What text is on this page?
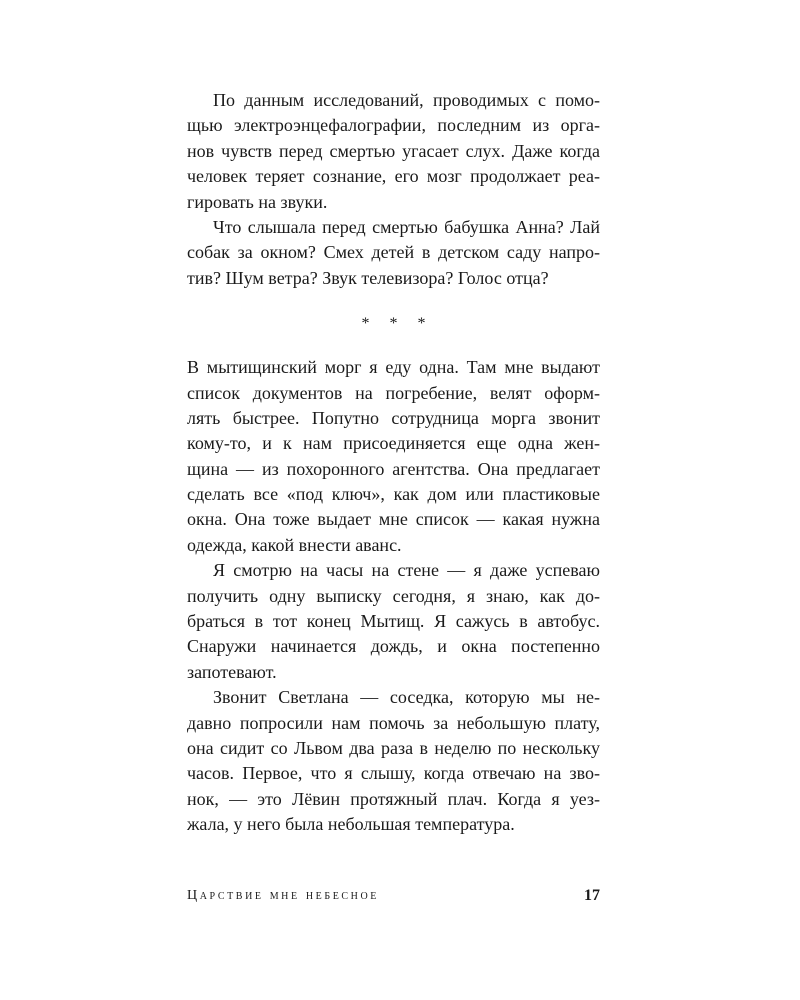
По данным исследований, проводимых с помо-
щью электроэнцефалографии, последним из орга-
нов чувств перед смертью угасает слух. Даже когда
человек теряет сознание, его мозг продолжает реа-
гировать на звуки.
Что слышала перед смертью бабушка Анна? Лай
собак за окном? Смех детей в детском саду напро-
тив? Шум ветра? Звук телевизора? Голос отца?
* * *
В мытищинский морг я еду одна. Там мне выдают
список документов на погребение, велят оформ-
лять быстрее. Попутно сотрудница морга звонит
кому-то, и к нам присоединяется еще одна жен-
щина — из похоронного агентства. Она предлагает
сделать все «под ключ», как дом или пластиковые
окна. Она тоже выдает мне список — какая нужна
одежда, какой внести аванс.
Я смотрю на часы на стене — я даже успеваю
получить одну выписку сегодня, я знаю, как до-
браться в тот конец Мытищ. Я сажусь в автобус.
Снаружи начинается дождь, и окна постепенно
запотевают.
Звонит Светлана — соседка, которую мы не-
давно попросили нам помочь за небольшую плату,
она сидит со Львом два раза в неделю по нескольку
часов. Первое, что я слышу, когда отвечаю на зво-
нок, — это Лёвин протяжный плач. Когда я уез-
жала, у него была небольшая температура.
Царствие мне небесное	17
